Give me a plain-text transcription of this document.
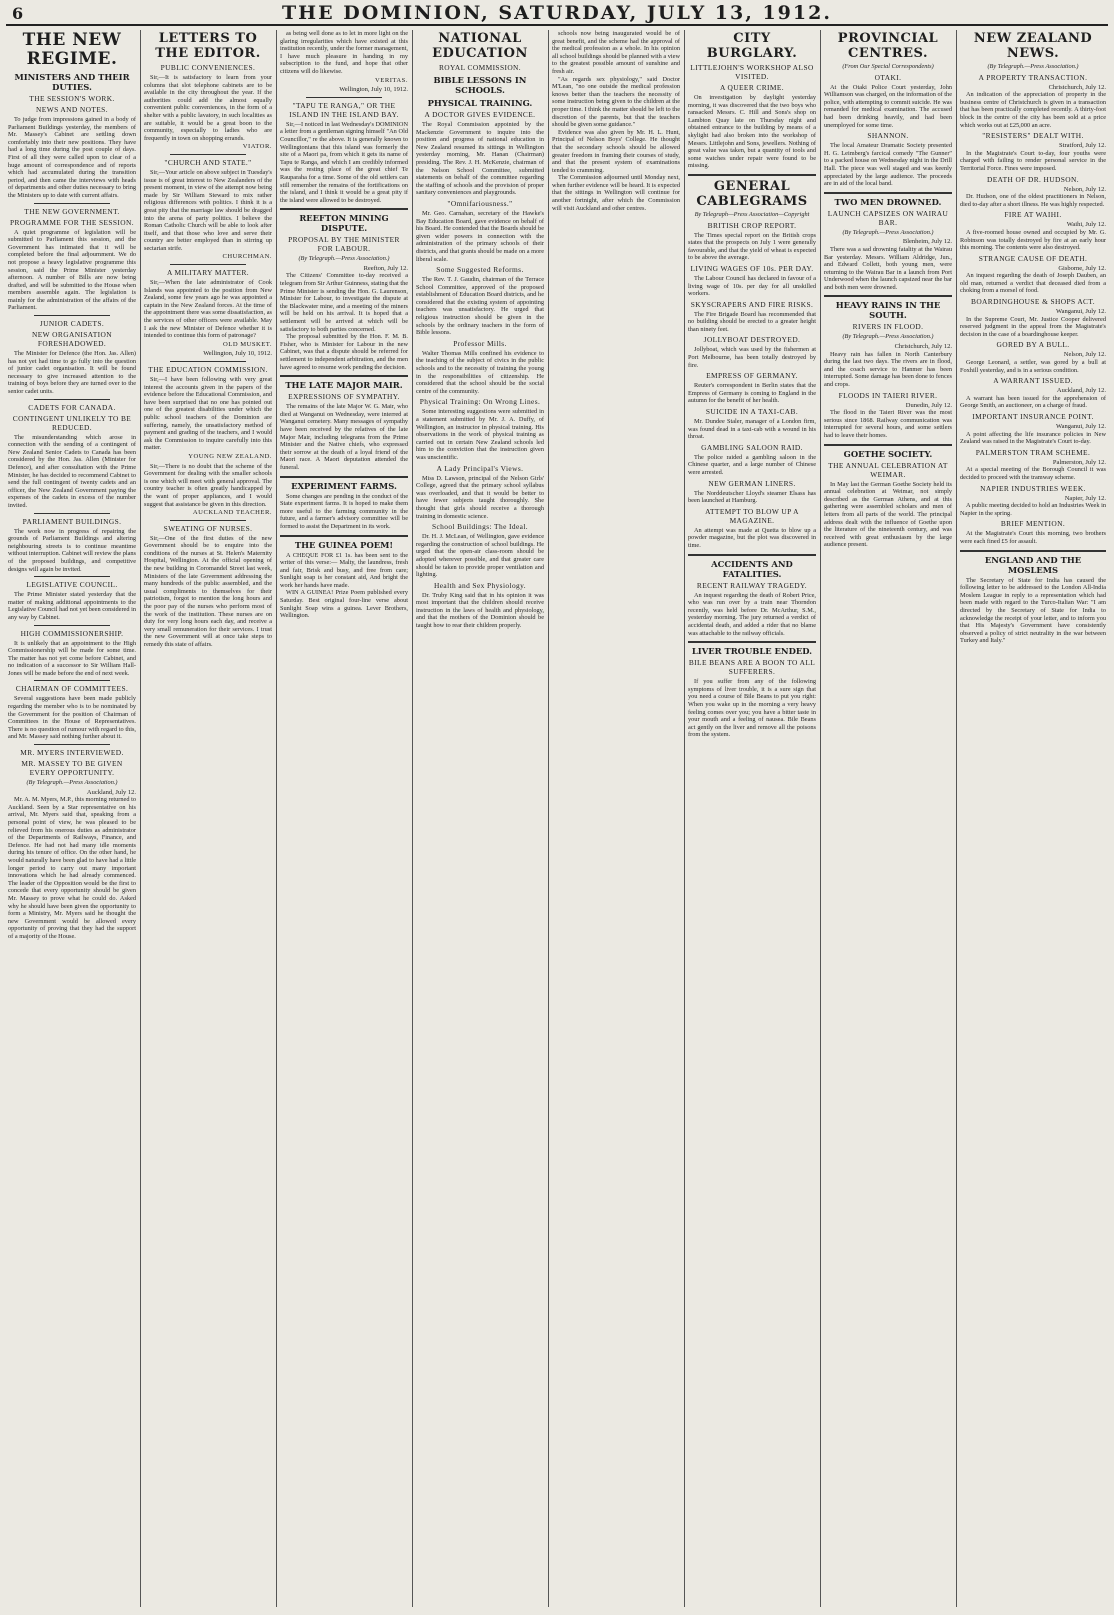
6	THE DOMINION, SATURDAY, JULY 13, 1912.
THE NEW REGIME.
MINISTERS AND THEIR DUTIES.
THE SESSION'S WORK.
NEWS AND NOTES.

To judge from impressions gained in a body of Parliament Buildings yesterday, the members of Mr. Massey's Cabinet are settling down comfortably into their new positions. They have had a long time during the post couple of days. First of all they were called upon to clear of a huge amount of correspondence and of reports which had accumulated during the transition period, and then came the interviews with heads of departments and other duties necessary to bring the Ministers up to date with current affairs.

THE NEW GOVERNMENT.
PROGRAMME FOR THE SESSION.

A quiet programme of legislation will be submitted to Parliament this session, and the Government has intimated that it will be completed before the final adjournment. We do not propose a heavy legislative programme this session, said the Prime Minister yesterday afternoon. A number of Bills are now being drafted, and will be submitted to the House when members assemble again. The legislation is mainly for the administration of the affairs of the Parliament.

JUNIOR CADETS.
NEW ORGANISATION FORESHADOWED.

The Minister for Defence (the Hon. Jas. Allen) has not yet had time to go fully into the question of junior cadet organisation. It will be found necessary to give increased attention to the training of boys before they are turned over to the senior cadet units.

CADETS FOR CANADA.
CONTINGENT UNLIKELY TO BE REDUCED.

The misunderstanding which arose in connection with the sending of a contingent of New Zealand Senior Cadets to Canada has been considered by the Hon. Jas. Allen (Minister for Defence), and after consultation with the Prime Minister, he has decided to recommend Cabinet to send the full contingent of twenty cadets and an officer, the New Zealand Government paying the expenses of the cadets in excess of the number invited.

PARLIAMENT BUILDINGS.

The work now in progress of repairing the grounds of Parliament Buildings and altering neighbouring streets is to continue meantime without interruption. Cabinet will review the plans of the proposed buildings, and competitive designs will again be invited.

LEGISLATIVE COUNCIL.

The Prime Minister stated yesterday that the matter of making additional appointments to the Legislative Council had not yet been considered in any way by Cabinet.

HIGH COMMISSIONERSHIP.

It is unlikely that an appointment to the High Commissionership will be made for some time. The matter has not yet come before Cabinet, and no indication of a successor to Sir William Hall-Jones will be made before the end of next week.

CHAIRMAN OF COMMITTEES.

Several suggestions have been made publicly regarding the member who is to be nominated by the Government for the position of Chairman of Committees in the House of Representatives. There is no question of rumour with regard to this, and Mr. Massey said nothing further about it.

MR. MYERS INTERVIEWED.
MR. MASSEY TO BE GIVEN EVERY OPPORTUNITY.
(By Telegraph.—Press Association.)
Auckland, July 12.

Mr. A. M. Myers, M.P., this morning returned to Auckland. Seen by a Star representative on his arrival, Mr. Myers said that, speaking from a personal point of view, he was pleased to be relieved from his onerous duties as administrator of the Departments of Railways, Finance, and Defence. He had not had many idle moments during his tenure of office. On the other hand, he would naturally have been glad to have had a little longer period to carry out many important innovations which he had already commenced. The leader of the Opposition would be the first to concede that every opportunity should be given Mr. Massey to prove what he could do. Asked why he should have been given the opportunity to form a Ministry, Mr. Myers said he thought the new Government would be allowed every opportunity of proving that they had the support of a majority of the House.

LETTERS TO THE EDITOR.
PUBLIC CONVENIENCES.

Sir,—It is satisfactory to learn from your columns that slot telephone cabinets are to be available in the city throughout the year. If the authorities could add the almost equally convenient public conveniences, in the form of a shelter with a public lavatory, in such localities as are suitable, it would be a great boon to the community, especially to ladies who are frequently in town on shopping errands.

VIATOR.
"CHURCH AND STATE."

Sir,—Your article on above subject in Tuesday's issue is of great interest to New Zealanders of the present moment, in view of the attempt now being made by Sir William Steward to mix rather religious differences with politics. I think it is a great pity that the marriage law should be dragged into the arena of party politics. I believe the Roman Catholic Church will be able to look after itself, and that those who love and serve their country are better employed than in stirring up sectarian strife.

CHURCHMAN.
A MILITARY MATTER.

Sir,—When the late administrator of Cook Islands was appointed to the position from New Zealand, some few years ago he was appointed a captain in the New Zealand forces. At the time of the appointment there was some dissatisfaction, as the services of other officers were available. May I ask the new Minister of Defence whether it is intended to continue this form of patronage?

OLD MUSKET.
Wellington, July 10, 1912.
THE EDUCATION COMMISSION.

Sir,—I have been following with very great interest the accounts given in the papers of the evidence before the Educational Commission, and have been surprised that no one has pointed out one of the greatest disabilities under which the public school teachers of the Dominion are suffering, namely, the unsatisfactory method of payment and grading of the teachers, and I would ask the Commission to inquire carefully into this matter.

YOUNG NEW ZEALAND.

Sir,—There is no doubt that the scheme of the Government for dealing with the smaller schools is one which will meet with general approval. The country teacher is often greatly handicapped by the want of proper appliances, and I would suggest that assistance be given in this direction.

AUCKLAND TEACHER.
SWEATING OF NURSES.

Sir,—One of the first duties of the new Government should be to enquire into the conditions of the nurses at St. Helen's Maternity Hospital, Wellington. At the official opening of the new building in Coromandel Street last week, Ministers of the late Government addressing the many hundreds of the public assembled, and the usual compliments to themselves for their patriotism, forgot to mention the long hours and the poor pay of the nurses who perform most of the work of the institution. These nurses are on duty for very long hours each day, and receive a very small remuneration for their services. I trust the new Government will at once take steps to remedy this state of affairs.

as being well done as to let in more light on the glaring irregularities which have existed at this institution recently, under the former management, I have much pleasure in handing in my subscription to the fund, and hope that other citizens will do likewise.

VERITAS.
Wellington, July 10, 1912.
"TAPU TE RANGA," OR THE ISLAND IN THE ISLAND BAY.

Sir,—I noticed in last Wednesday's DOMINION a letter from a gentleman signing himself "An Old Councillor," re the above. It is generally known to Wellingtonians that this island was formerly the site of a Maori pa, from which it gets its name of Tapu te Ranga, and which I am credibly informed was the resting place of the great chief Te Rauparaha for a time. Some of the old settlers can still remember the remains of the fortifications on the island, and I think it would be a great pity if the island were allowed to be destroyed.

REEFTON MINING DISPUTE.
PROPOSAL BY THE MINISTER FOR LABOUR.
(By Telegraph.—Press Association.)
Reefton, July 12.

The Citizens' Committee to-day received a telegram from Sir Arthur Guinness, stating that the Prime Minister is sending the Hon. G. Laurenson, Minister for Labour, to investigate the dispute at the Blackwater mine, and a meeting of the miners will be held on his arrival. It is hoped that a settlement will be arrived at which will be satisfactory to both parties concerned.

The proposal submitted by the Hon. F. M. B. Fisher, who is Minister for Labour in the new Cabinet, was that a dispute should be referred for settlement to independent arbitration, and the men have agreed to resume work pending the decision.

THE LATE MAJOR MAIR.
EXPRESSIONS OF SYMPATHY.

The remains of the late Major W. G. Mair, who died at Wanganui on Wednesday, were interred at Wanganui cemetery. Many messages of sympathy have been received by the relatives of the late Major Mair, including telegrams from the Prime Minister and the Native chiefs, who expressed their sorrow at the death of a loyal friend of the Maori race. A Maori deputation attended the funeral.

EXPERIMENT FARMS.

Some changes are pending in the conduct of the State experiment farms. It is hoped to make them more useful to the farming community in the future, and a farmer's advisory committee will be formed to assist the Department in its work.

THE GUINEA POEM!

A CHEQUE FOR £1 1s. has been sent to the writer of this verse:— Malty, the laundress, fresh and fair, Brisk and busy, and free from care; Sunlight soap is her constant aid, And bright the work her hands have made.

WIN A GUINEA! Prize Poem published every Saturday. Best original four-line verse about Sunlight Soap wins a guinea. Lever Brothers, Wellington.

NATIONAL EDUCATION
ROYAL COMMISSION.
BIBLE LESSONS IN SCHOOLS.
PHYSICAL TRAINING.
A DOCTOR GIVES EVIDENCE.

The Royal Commission appointed by the Mackenzie Government to inquire into the position and progress of national education in New Zealand resumed its sittings in Wellington yesterday morning, Mr. Hanan (Chairman) presiding. The Rev. J. H. McKenzie, chairman of the Nelson School Committee, submitted statements on behalf of the committee regarding the staffing of schools and the provision of proper sanitary conveniences and playgrounds.

"Omnifariousness."

Mr. Geo. Carnahan, secretary of the Hawke's Bay Education Board, gave evidence on behalf of his Board. He contended that the Boards should be given wider powers in connection with the administration of the primary schools of their districts, and that grants should be made on a more liberal scale.

Some Suggested Reforms.

The Rev. T. J. Gaudin, chairman of the Terrace School Committee, approved of the proposed establishment of Education Board districts, and he considered that the existing system of appointing teachers was unsatisfactory. He urged that religious instruction should be given in the schools by the ordinary teachers in the form of Bible lessons.

Professor Mills.

Walter Thomas Mills confined his evidence to the teaching of the subject of civics in the public schools and to the necessity of training the young in the responsibilities of citizenship. He considered that the school should be the social centre of the community.

Physical Training: On Wrong Lines.

Some interesting suggestions were submitted in a statement submitted by Mr. J. A. Duffy, of Wellington, an instructor in physical training. His observations in the work of physical training as carried out in certain New Zealand schools led him to the conviction that the instruction given was unscientific.

A Lady Principal's Views.

Miss D. Lawson, principal of the Nelson Girls' College, agreed that the primary school syllabus was overloaded, and that it would be better to have fewer subjects taught thoroughly. She thought that girls should receive a thorough training in domestic science.

School Buildings: The Ideal.

Dr. H. J. McLean, of Wellington, gave evidence regarding the construction of school buildings. He urged that the open-air class-room should be adopted wherever possible, and that greater care should be taken to provide proper ventilation and lighting.

Health and Sex Physiology.

Dr. Truby King said that in his opinion it was most important that the children should receive instruction in the laws of health and physiology, and that the mothers of the Dominion should be taught how to rear their children properly.

schools now being inaugurated would be of great benefit, and the scheme had the approval of the medical profession as a whole. In his opinion all school buildings should be planned with a view to the greatest possible amount of sunshine and fresh air.

"As regards sex physiology," said Doctor M'Lean, "no one outside the medical profession knows better than the teachers the necessity of some instruction being given to the children at the proper time. I think the matter should be left to the discretion of the parents, but that the teachers should be given some guidance."

Evidence was also given by Mr. H. L. Hunt, Principal of Nelson Boys' College. He thought that the secondary schools should be allowed greater freedom in framing their courses of study, and that the present system of examinations tended to cramming.

The Commission adjourned until Monday next, when further evidence will be heard. It is expected that the sittings in Wellington will continue for another fortnight, after which the Commission will visit Auckland and other centres.

CITY BURGLARY.
LITTLEJOHN'S WORKSHOP ALSO VISITED.
A QUEER CRIME.

On investigation by daylight yesterday morning, it was discovered that the two boys who ransacked Messrs. C. Hill and Sons's shop on Lambton Quay late on Thursday night and obtained entrance to the building by means of a skylight had also broken into the workshop of Messrs. Littlejohn and Sons, jewellers. Nothing of great value was taken, but a quantity of tools and some watches under repair were found to be missing.

GENERAL CABLEGRAMS
By Telegraph—Press Association—Copyright
BRITISH CROP REPORT.

The Times special report on the British crops states that the prospects on July 1 were generally favourable, and that the yield of wheat is expected to be above the average.

LIVING WAGES OF 10s. PER DAY.

The Labour Council has declared in favour of a living wage of 10s. per day for all unskilled workers.

SKYSCRAPERS AND FIRE RISKS.

The Fire Brigade Board has recommended that no building should be erected to a greater height than ninety feet.

JOLLYBOAT DESTROYED.

Jollyboat, which was used by the fishermen at Port Melbourne, has been totally destroyed by fire.

EMPRESS OF GERMANY.

Reuter's correspondent in Berlin states that the Empress of Germany is coming to England in the autumn for the benefit of her health.

SUICIDE IN A TAXI-CAB.

Mr. Dundee Staler, manager of a London firm, was found dead in a taxi-cab with a wound in his throat.

GAMBLING SALOON RAID.

The police raided a gambling saloon in the Chinese quarter, and a large number of Chinese were arrested.

NEW GERMAN LINERS.

The Norddeutscher Lloyd's steamer Elsass has been launched at Hamburg.

ATTEMPT TO BLOW UP A MAGAZINE.

An attempt was made at Quetta to blow up a powder magazine, but the plot was discovered in time.

ACCIDENTS AND FATALITIES.
RECENT RAILWAY TRAGEDY.

An inquest regarding the death of Robert Price, who was run over by a train near Thorndon recently, was held before Dr. McArthur, S.M., yesterday morning. The jury returned a verdict of accidental death, and added a rider that no blame was attachable to the railway officials.

LIVER TROUBLE ENDED.
BILE BEANS ARE A BOON TO ALL SUFFERERS.

If you suffer from any of the following symptoms of liver trouble, it is a sure sign that you need a course of Bile Beans to put you right: When you wake up in the morning a very heavy feeling comes over you; you have a bitter taste in your mouth and a feeling of nausea. Bile Beans act gently on the liver and remove all the poisons from the system.

PROVINCIAL CENTRES.
(From Our Special Correspondents)
OTAKI.

At the Otaki Police Court yesterday, John Williamson was charged, on the information of the police, with attempting to commit suicide. He was remanded for medical examination. The accused had been drinking heavily, and had been unemployed for some time.

SHANNON.

The local Amateur Dramatic Society presented H. G. Leimberg's farcical comedy "The Gunner" to a packed house on Wednesday night in the Drill Hall. The piece was well staged and was keenly appreciated by the large audience. The proceeds are in aid of the local band.

TWO MEN DROWNED.
LAUNCH CAPSIZES ON WAIRAU BAR.
(By Telegraph.—Press Association.)
Blenheim, July 12.

There was a sad drowning fatality at the Wairau Bar yesterday. Messrs. William Aldridge, Jun., and Edward Collett, both young men, were returning to the Wairau Bar in a launch from Port Underwood when the launch capsized near the bar and both men were drowned.

HEAVY RAINS IN THE SOUTH.
RIVERS IN FLOOD.
(By Telegraph.—Press Association.)
Christchurch, July 12.

Heavy rain has fallen in North Canterbury during the last two days. The rivers are in flood, and the coach service to Hanmer has been interrupted. Some damage has been done to fences and crops.

FLOODS IN TAIERI RIVER.
Dunedin, July 12.

The flood in the Taieri River was the most serious since 1868. Railway communication was interrupted for several hours, and some settlers had to leave their homes.

GOETHE SOCIETY.
THE ANNUAL CELEBRATION AT WEIMAR.

In May last the German Goethe Society held its annual celebration at Weimar, not simply described as the German Athens, and at this gathering were assembled scholars and men of letters from all parts of the world. The principal address dealt with the influence of Goethe upon the literature of the nineteenth century, and was received with great enthusiasm by the large audience present.

NEW ZEALAND NEWS.
(By Telegraph.—Press Association.)
A PROPERTY TRANSACTION.
Christchurch, July 12.

An indication of the appreciation of property in the business centre of Christchurch is given in a transaction that has been practically completed recently. A thirty-foot block in the centre of the city has been sold at a price which works out at £25,000 an acre.

"RESISTERS" DEALT WITH.
Stratford, July 12.

In the Magistrate's Court to-day, four youths were charged with failing to render personal service in the Territorial Force. Fines were imposed.

DEATH OF DR. HUDSON.
Nelson, July 12.

Dr. Hudson, one of the oldest practitioners in Nelson, died to-day after a short illness. He was highly respected.

FIRE AT WAIHI.
Waihi, July 12.

A five-roomed house owned and occupied by Mr. G. Robinson was totally destroyed by fire at an early hour this morning. The contents were also destroyed.

STRANGE CAUSE OF DEATH.
Gisborne, July 12.

An inquest regarding the death of Joseph Dauben, an old man, returned a verdict that deceased died from a choking from a morsel of food.

BOARDINGHOUSE & SHOPS ACT.
Wanganui, July 12.

In the Supreme Court, Mr. Justice Cooper delivered reserved judgment in the appeal from the Magistrate's decision in the case of a boardinghouse keeper.

GORED BY A BULL.
Nelson, July 12.

George Leonard, a settler, was gored by a bull at Foxhill yesterday, and is in a serious condition.

A WARRANT ISSUED.
Auckland, July 12.

A warrant has been issued for the apprehension of George Smith, an auctioneer, on a charge of fraud.

IMPORTANT INSURANCE POINT.
Wanganui, July 12.

A point affecting the life insurance policies in New Zealand was raised in the Magistrate's Court to-day.

PALMERSTON TRAM SCHEME.
Palmerston, July 12.

At a special meeting of the Borough Council it was decided to proceed with the tramway scheme.

NAPIER INDUSTRIES WEEK.
Napier, July 12.

A public meeting decided to hold an Industries Week in Napier in the spring.

BRIEF MENTION.

At the Magistrate's Court this morning, two brothers were each fined £5 for assault.

ENGLAND AND THE MOSLEMS

The Secretary of State for India has caused the following letter to be addressed to the London All-India Moslem League in reply to a representation which had been made with regard to the Turco-Italian War: "I am directed by the Secretary of State for India to acknowledge the receipt of your letter, and to inform you that His Majesty's Government have consistently observed a policy of strict neutrality in the war between Turkey and Italy."
